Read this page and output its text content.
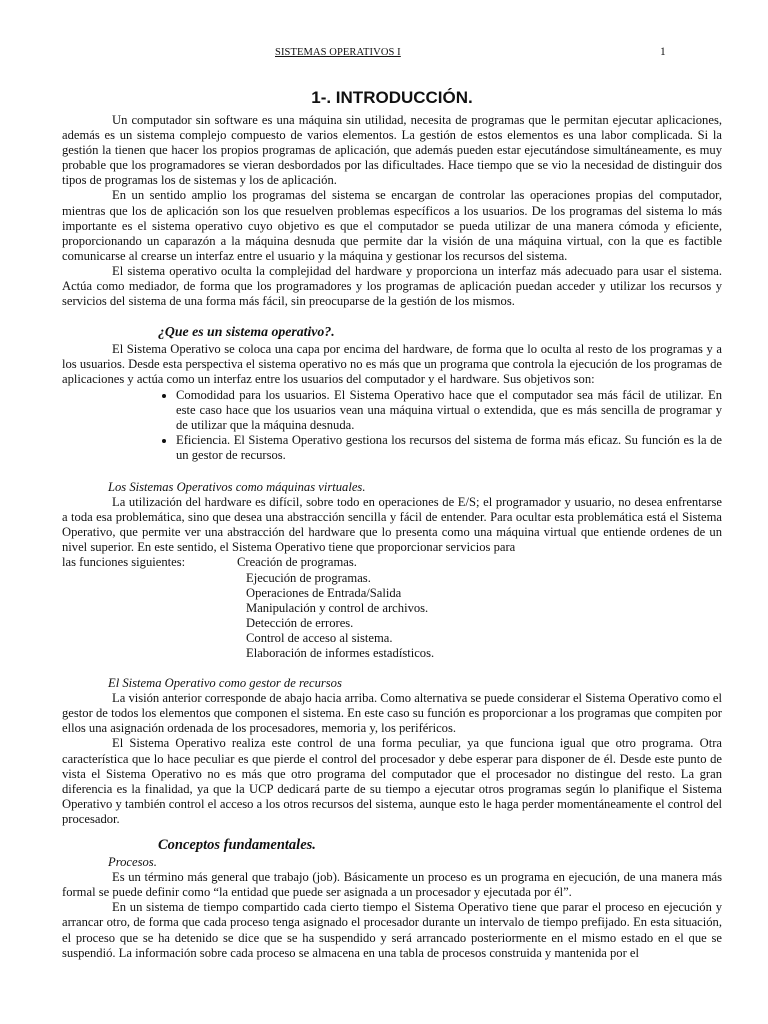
SISTEMAS OPERATIVOS I	1
1-. INTRODUCCIÓN.

Un computador sin software es una máquina sin utilidad, necesita de programas que le permitan ejecutar aplicaciones, además es un sistema complejo compuesto de varios elementos. La gestión de estos elementos es una labor complicada. Si la gestión la tienen que hacer los propios programas de aplicación, que además pueden estar ejecutándose simultáneamente, es muy probable que los programadores se vieran desbordados por las dificultades. Hace tiempo que se vio la necesidad de distinguir dos tipos de programas los de sistemas y los de aplicación.

En un sentido amplio los programas del sistema se encargan de controlar las operaciones propias del computador, mientras que los de aplicación son los que resuelven problemas específicos a los usuarios. De los programas del sistema lo más importante es el sistema operativo cuyo objetivo es que el computador se pueda utilizar de una manera cómoda y eficiente, proporcionando un caparazón a la máquina desnuda que permite dar la visión de una máquina virtual, con la que es factible comunicarse al crearse un interfaz entre el usuario y la máquina y gestionar los recursos del sistema.

El sistema operativo oculta la complejidad del hardware y proporciona un interfaz más adecuado para usar el sistema. Actúa como mediador, de forma que los programadores y los programas de aplicación puedan acceder y utilizar los recursos y servicios del sistema de una forma más fácil, sin preocuparse de la gestión de los mismos.

¿Que es un sistema operativo?.

El Sistema Operativo se coloca una capa por encima del hardware, de forma que lo oculta al resto de los programas y a los usuarios. Desde esta perspectiva el sistema operativo no es más que un programa que controla la ejecución de los programas de aplicaciones y actúa como un interfaz entre los usuarios del computador y el hardware. Sus objetivos son:

• Comodidad para los usuarios. El Sistema Operativo hace que el computador sea más fácil de utilizar. En este caso hace que los usuarios vean una máquina virtual o extendida, que es más sencilla de programar y de utilizar que la máquina desnuda.
• Eficiencia. El Sistema Operativo gestiona los recursos del sistema de forma más eficaz. Su función es la de un gestor de recursos.
Los Sistemas Operativos como máquinas virtuales.

La utilización del hardware es difícil, sobre todo en operaciones de E/S; el programador y usuario, no desea enfrentarse a toda esa problemática, sino que desea una abstracción sencilla y fácil de entender. Para ocultar esta problemática está el Sistema Operativo, que permite ver una abstracción del hardware que lo presenta como una máquina virtual que entiende ordenes de un nivel superior. En este sentido, el Sistema Operativo tiene que proporcionar servicios para

las funciones siguientes:	Creación de programas.

Ejecución de programas.
Operaciones de Entrada/Salida
Manipulación y control de archivos.
Detección de errores.
Control de acceso al sistema.
Elaboración de informes estadísticos.
El Sistema Operativo como gestor de recursos

La visión anterior corresponde de abajo hacia arriba. Como alternativa se puede considerar el Sistema Operativo como el gestor de todos los elementos que componen el sistema. En este caso su función es proporcionar a los programas que compiten por ellos una asignación ordenada de los procesadores, memoria y, los periféricos.

El Sistema Operativo realiza este control de una forma peculiar, ya que funciona igual que otro programa. Otra característica que lo hace peculiar es que pierde el control del procesador y debe esperar para disponer de él. Desde este punto de vista el Sistema Operativo no es más que otro programa del computador que el procesador no distingue del resto. La gran diferencia es la finalidad, ya que la UCP dedicará parte de su tiempo a ejecutar otros programas según lo planifique el Sistema Operativo y también control el acceso a los otros recursos del sistema, aunque esto le haga perder momentáneamente el control del procesador.

Conceptos fundamentales.
Procesos.

Es un término más general que trabajo (job). Básicamente un proceso es un programa en ejecución, de una manera más formal se puede definir como “la entidad que puede ser asignada a un procesador y ejecutada por él”.

En un sistema de tiempo compartido cada cierto tiempo el Sistema Operativo tiene que parar el proceso en ejecución y arrancar otro, de forma que cada proceso tenga asignado el procesador durante un intervalo de tiempo prefijado. En esta situación, el proceso que se ha detenido se dice que se ha suspendido y será arrancado posteriormente en el mismo estado en el que se suspendió. La información sobre cada proceso se almacena en una tabla de procesos construida y mantenida por el
